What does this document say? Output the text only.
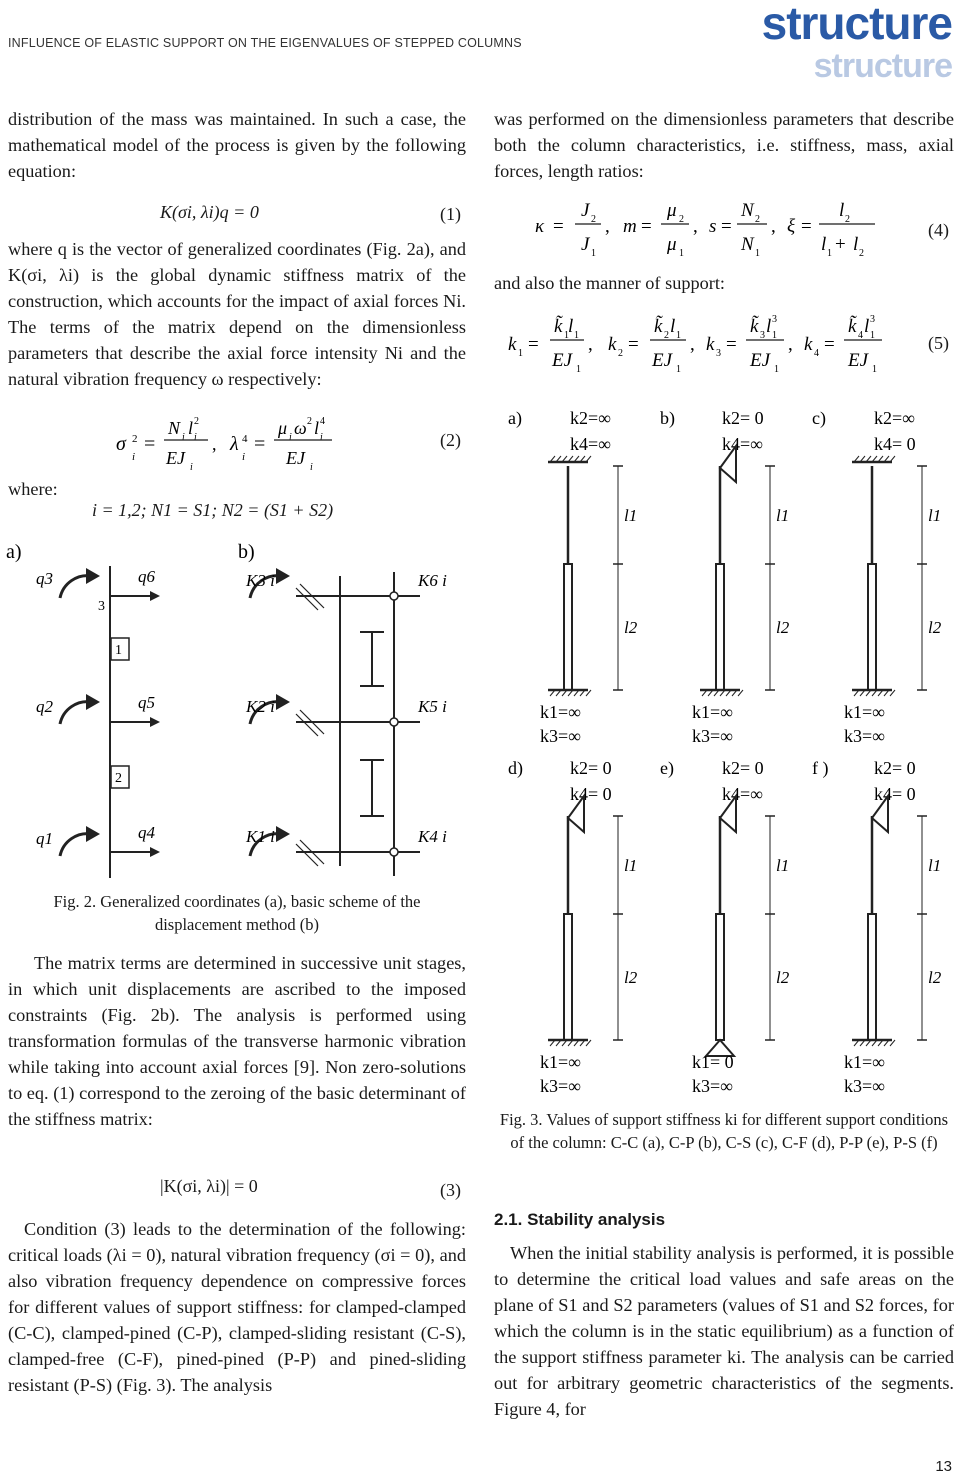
INFLUENCE OF ELASTIC SUPPORT ON THE EIGENVALUES OF STEPPED COLUMNS	structure
structure

distribution of the mass was maintained. In such a case, the mathematical model of the process is given by the following equation:

K(σi, λi)q = 0	(1)

where q is the vector of generalized coordinates (Fig. 2a), and K(σi, λi) is the global dynamic stiffness matrix of the construction, which accounts for the impact of axial forces Ni. The terms of the matrix depend on the dimensionless parameters that describe the axial force intensity Ni and the natural vibration frequency ω respectively:

σ 2
i
=
N i l 2
i
EJ i
, λ 4
i
=
μ i ω 2 l 4
i
EJ i
(2)
where:
i = 1,2; N1 = S1; N2 = (S1 + S2)
a)	b)
1
2
3
q3	q6
q2	q5
q1	q4
K3 i	K6 i
K2 i	K5 i
K1 i	K4 i
Fig. 2. Generalized coordinates (a), basic scheme of the displacement method (b)

The matrix terms are determined in successive unit stages, in which unit displacements are ascribed to the imposed constraints (Fig. 2b). The analysis is performed using transformation formulas of the transverse harmonic vibration while taking into account axial forces [9]. Non zero-solutions to eq. (1) correspond to the zeroing of the basic determinant of the stiffness matrix:

|K(σi, λi)| = 0	(3)

Condition (3) leads to the determination of the following: critical loads (λi = 0), natural vibration frequency (σi = 0), and also vibration frequency dependence on compressive forces for different values of support stiffness: for clamped-clamped (C-C), clamped-pined (C-P), clamped-sliding resistant (C-S), clamped-free (C-F), pined-pined (P-P) and pined-sliding resistant (P-S) (Fig. 3). The analysis

was performed on the dimensionless parameters that describe both the column characteristics, i.e. stiffness, mass, axial forces, length ratios:

κ =
J 2
J 1
, m =
μ 2
μ 1
, s =
N 2
N 1
, ξ =
l 2
l 1 + l 2
(4)

and also the manner of support:

k 1 =
k̃ 1 l 1
EJ 1
, k 2 =
k̃ 2 l 1
EJ 1
, k 3 =
k̃ 3 l 3
1
EJ 1
, k 4 =
k̃ 4 l 3
1
EJ 1
(5)
a)	k2=∞
k4=∞
l1
l2
k1=∞
k3=∞
b)	k2= 0
k4=∞
l1
l2
k1=∞
k3=∞
c)	k2=∞
k4= 0
l1
l2
k1=∞
k3=∞
d)	k2= 0
k4= 0
l1
l2
k1=∞
k3=∞
e)	k2= 0
k4=∞
l1
l2
k1= 0
k3=∞
f )	k2= 0
k4= 0
l1
l2
k1=∞
k3=∞
Fig. 3. Values of support stiffness ki for different support conditions of the column: C-C (a), C-P (b), C-S (c), C-F (d), P-P (e), P-S (f)
2.1. Stability analysis

When the initial stability analysis is performed, it is possible to determine the critical load values and safe areas on the plane of S1 and S2 parameters (values of S1 and S2 forces, for which the column is in the static equilibrium) as a function of the support stiffness parameter ki. The analysis can be carried out for arbitrary geometric characteristics of the segments. Figure 4, for

13
